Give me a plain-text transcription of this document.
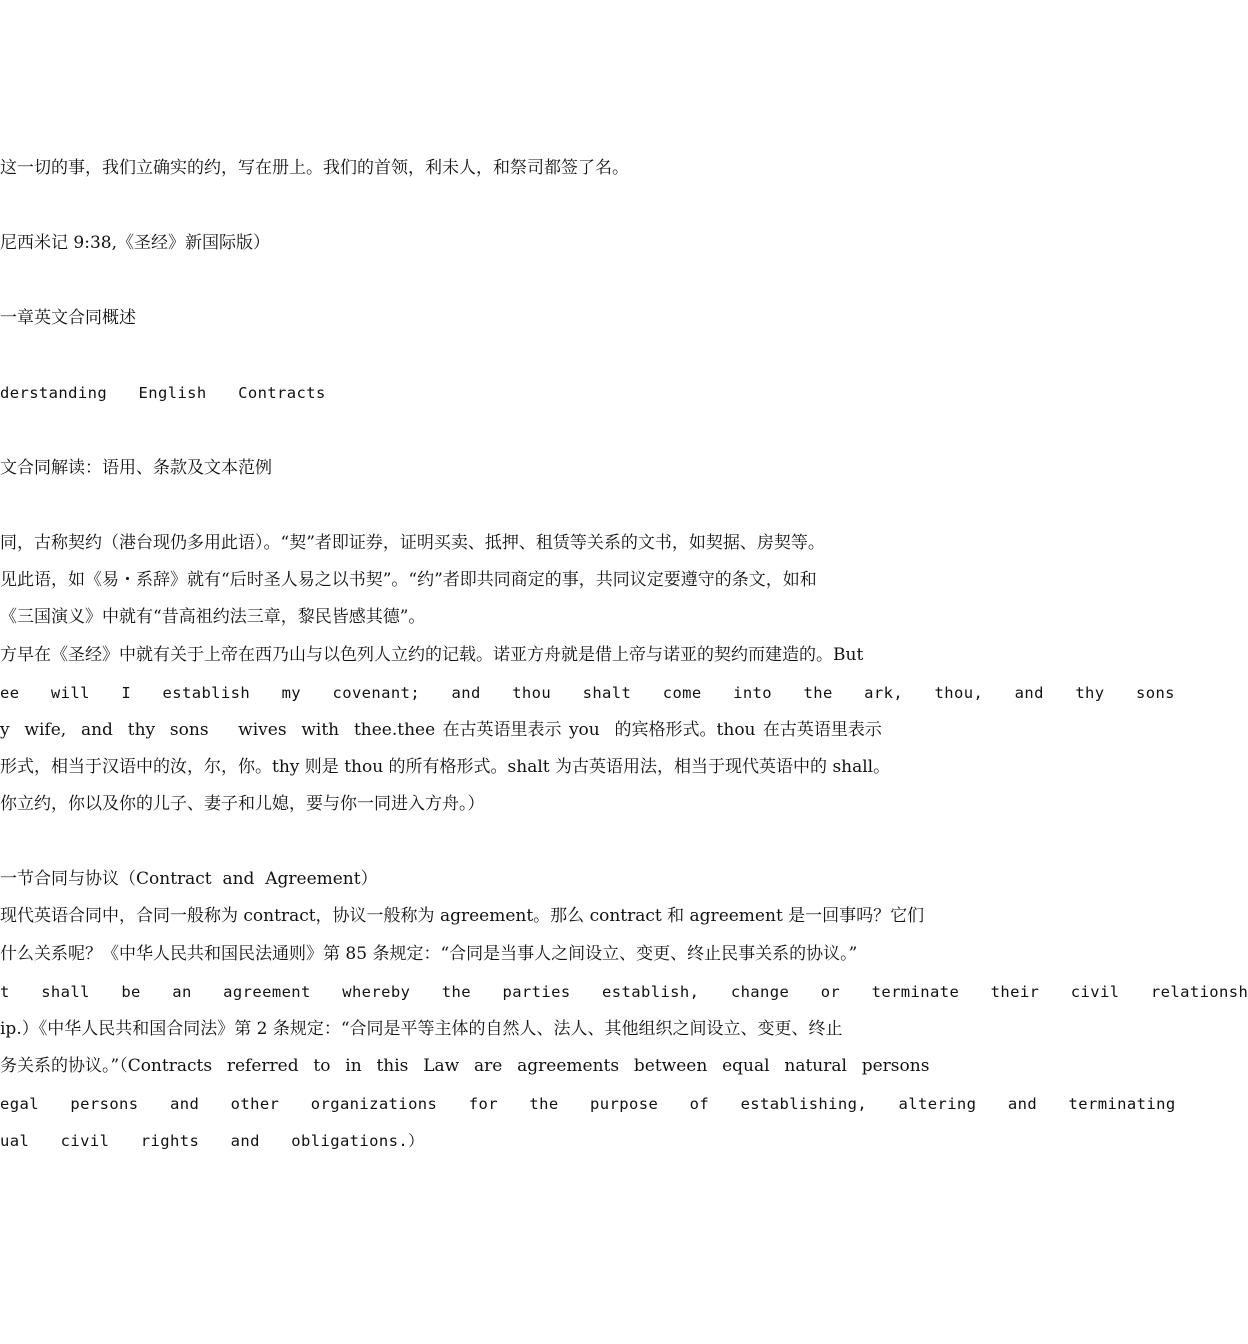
这一切的事，我们立确实的约，写在册上。我们的首领，利未人，和祭司都签了名。
尼西米记 9:38,《圣经》新国际版）
一章英文合同概述
derstanding  English  Contracts
文合同解读：语用、条款及文本范例
同，古称契约（港台现仍多用此语）。“契”者即证券，证明买卖、抵押、租赁等关系的文书，如契据、房契等。
见此语，如《易・系辞》就有“后时圣人易之以书契”。“约”者即共同商定的事，共同议定要遵守的条文，如和
《三国演义》中就有“昔高祖约法三章，黎民皆感其德”。
方早在《圣经》中就有关于上帝在西乃山与以色列人立约的记载。诺亚方舟就是借上帝与诺亚的契约而建造的。But
ee  will  I  establish  my  covenant;  and  thou  shalt  come  into  the  ark,  thou,  and  thy  sons
y  wife,  and  thy  sons    wives  with  thee.thee 在古英语里表示 you  的宾格形式。thou 在古英语里表示
形式，相当于汉语中的汝，尔，你。thy 则是 thou 的所有格形式。shalt 为古英语用法，相当于现代英语中的 shall。
你立约，你以及你的儿子、妻子和儿媳，要与你一同进入方舟。）
一节合同与协议（Contract  and  Agreement）
现代英语合同中，合同一般称为 contract，协议一般称为 agreement。那么 contract 和 agreement 是一回事吗？它们
什么关系呢？《中华人民共和国民法通则》第 85 条规定：“合同是当事人之间设立、变更、终止民事关系的协议。”
t  shall  be  an  agreement  whereby  the  parties  establish,  change  or  terminate  their  civil  relationsh
ip.）《中华人民共和国合同法》第 2 条规定：“合同是平等主体的自然人、法人、其他组织之间设立、变更、终止
务关系的协议。”（Contracts  referred  to  in  this  Law  are  agreements  between  equal  natural  persons
egal  persons  and  other  organizations  for  the  purpose  of  establishing,  altering  and  terminating
ual  civil  rights  and  obligations.）
